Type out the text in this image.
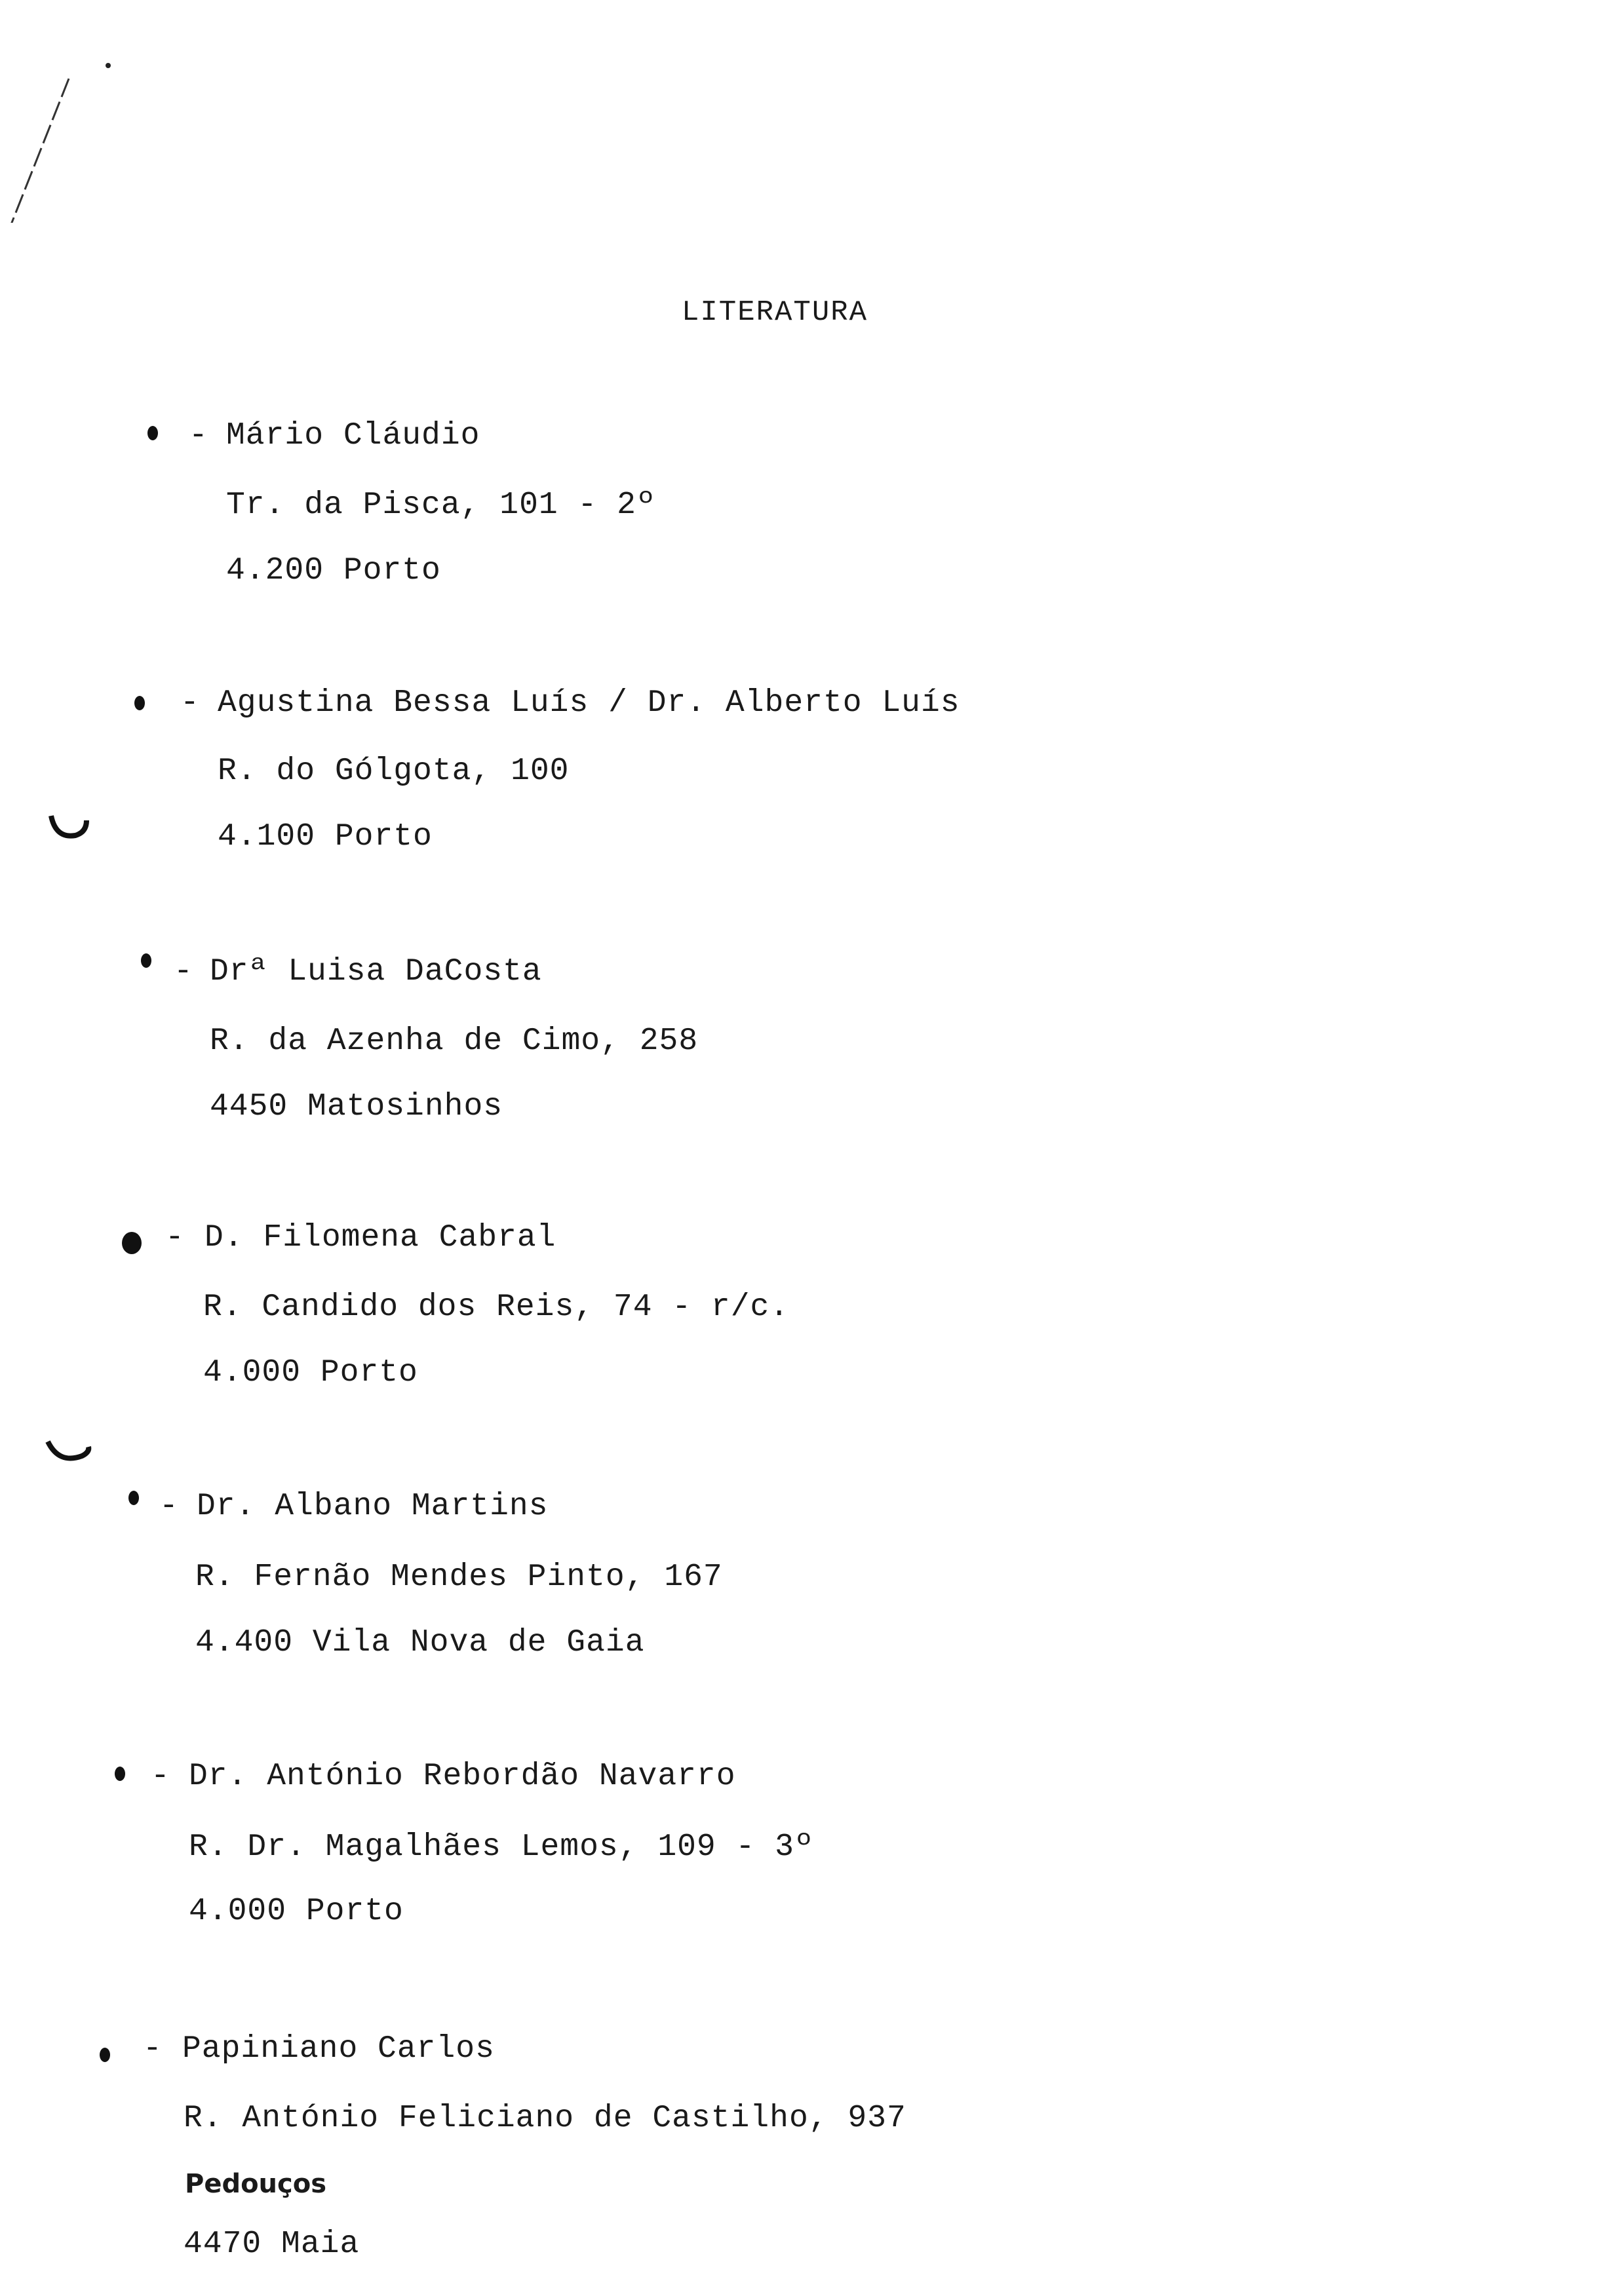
LITERATURA
- Mário Cláudio
Tr. da Pisca, 101 - 2º
4.200 Porto
- Agustina Bessa Luís / Dr. Alberto Luís
R. do Gólgota, 100
4.100 Porto
- Drª Luisa DaCosta
R. da Azenha de Cimo, 258
4450 Matosinhos
- D. Filomena Cabral
R. Candido dos Reis, 74 - r/c.
4.000 Porto
- Dr. Albano Martins
R. Fernão Mendes Pinto, 167
4.400 Vila Nova de Gaia
- Dr. António Rebordão Navarro
R. Dr. Magalhães Lemos, 109 - 3º
4.000 Porto
- Papiniano Carlos
R. António Feliciano de Castilho, 937
Pedouços
4470 Maia
